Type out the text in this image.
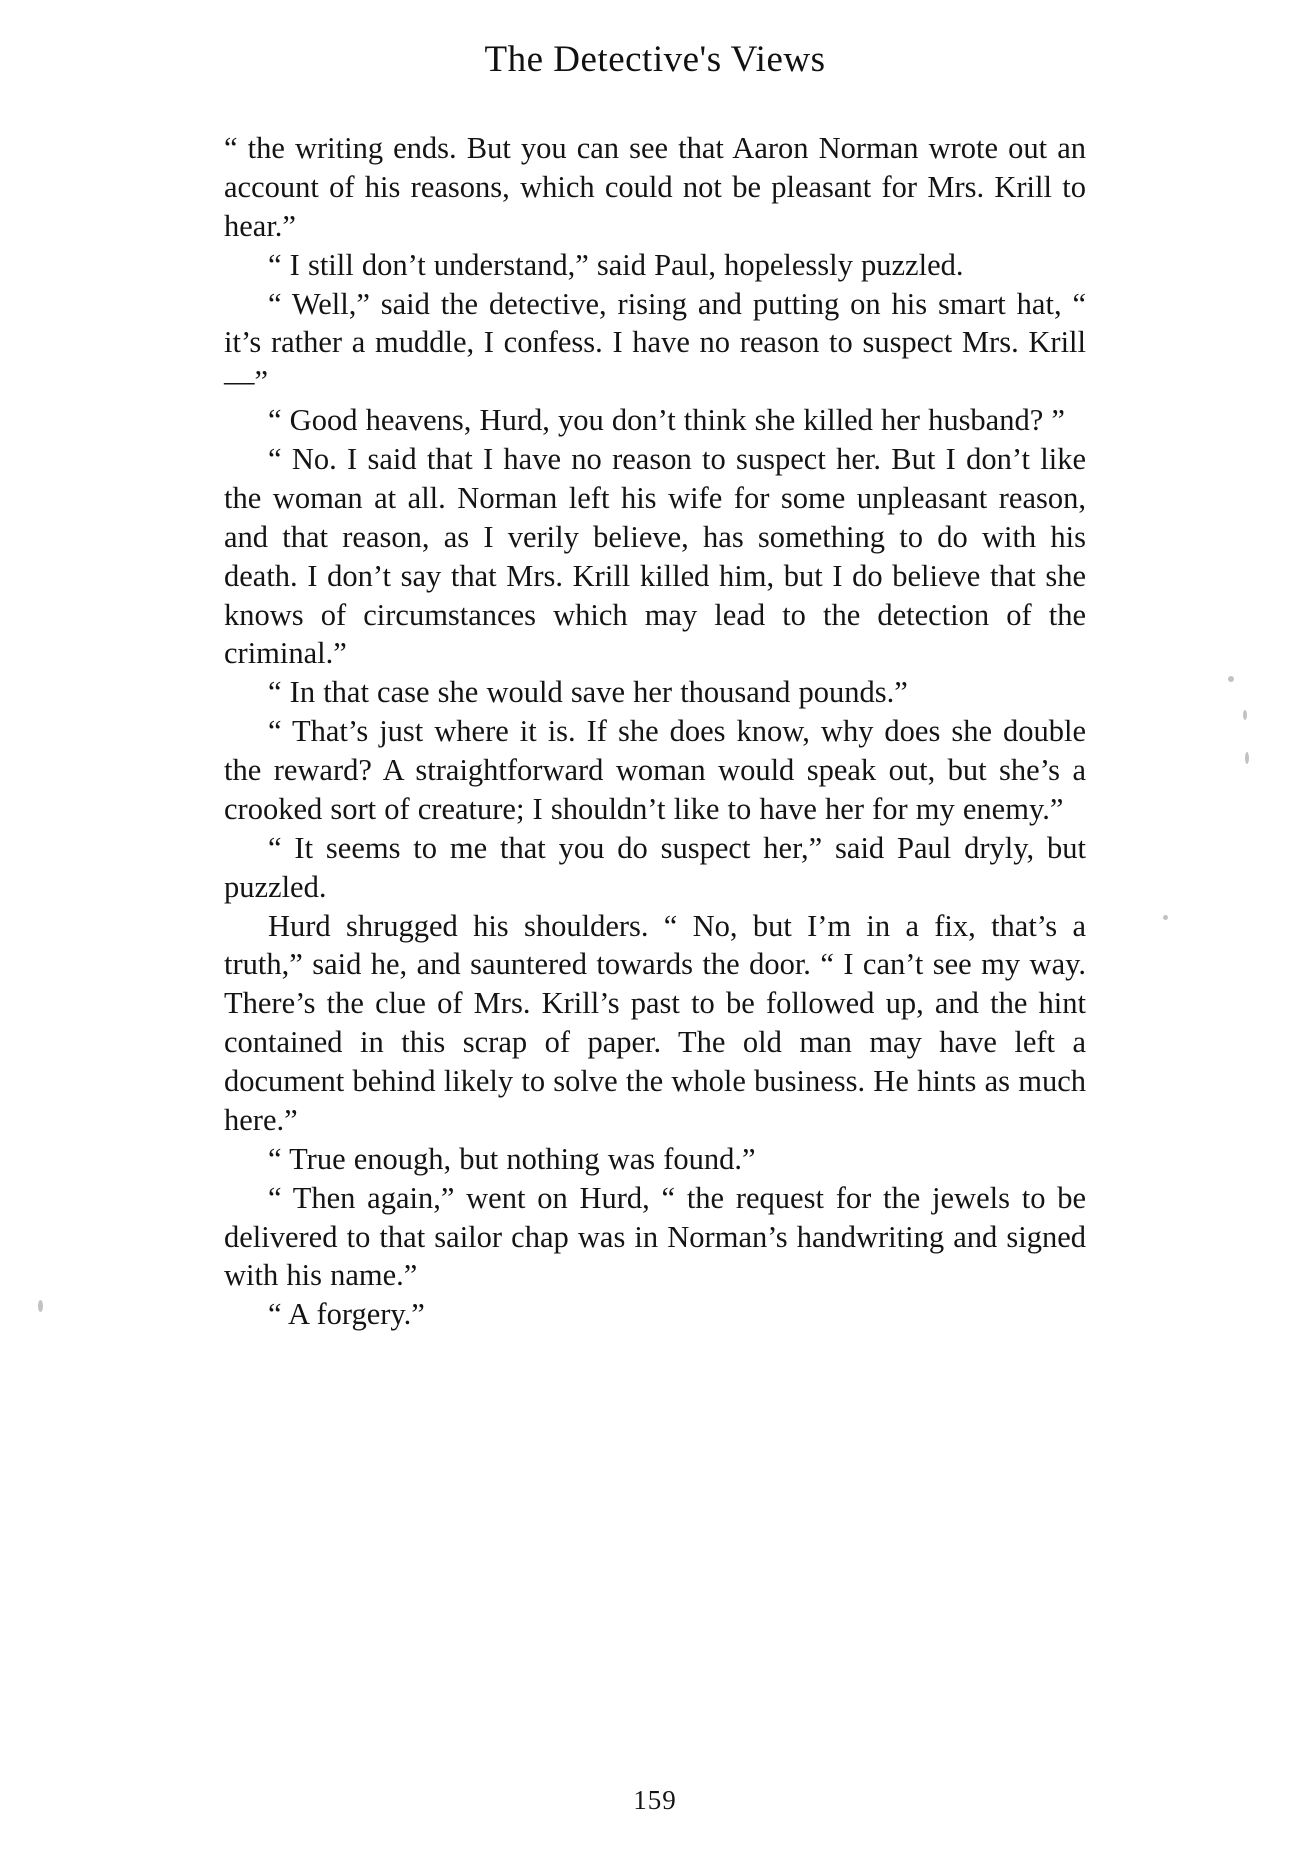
The Detective's Views

“ the writing ends. But you can see that Aaron Norman wrote out an account of his reasons, which could not be pleasant for Mrs. Krill to hear.”

“ I still don’t understand,” said Paul, hopelessly puzzled.

“ Well,” said the detective, rising and putting on his smart hat, “ it’s rather a muddle, I confess. I have no reason to suspect Mrs. Krill—”

“ Good heavens, Hurd, you don’t think she killed her husband? ”

“ No. I said that I have no reason to suspect her. But I don’t like the woman at all. Norman left his wife for some unpleasant reason, and that reason, as I verily believe, has something to do with his death. I don’t say that Mrs. Krill killed him, but I do believe that she knows of circumstances which may lead to the detection of the criminal.”

“ In that case she would save her thousand pounds.”

“ That’s just where it is. If she does know, why does she double the reward? A straightforward woman would speak out, but she’s a crooked sort of creature; I shouldn’t like to have her for my enemy.”

“ It seems to me that you do suspect her,” said Paul dryly, but puzzled.

Hurd shrugged his shoulders. “ No, but I’m in a fix, that’s a truth,” said he, and sauntered towards the door. “ I can’t see my way. There’s the clue of Mrs. Krill’s past to be followed up, and the hint contained in this scrap of paper. The old man may have left a document behind likely to solve the whole business. He hints as much here.”

“ True enough, but nothing was found.”

“ Then again,” went on Hurd, “ the request for the jewels to be delivered to that sailor chap was in Norman’s handwriting and signed with his name.”

“ A forgery.”

159
